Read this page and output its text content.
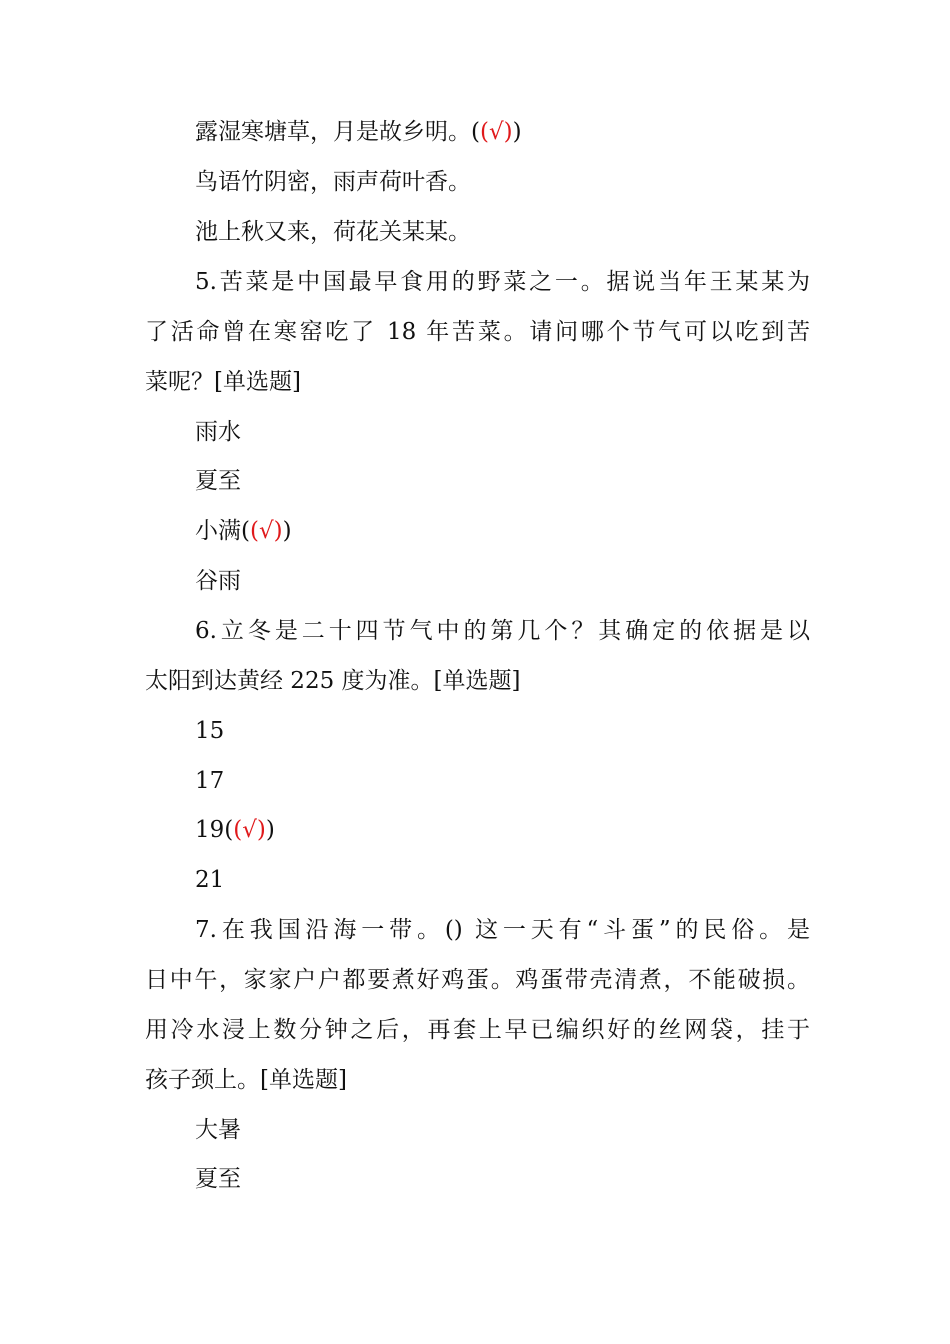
露湿寒塘草，月是故乡明。((√))
鸟语竹阴密，雨声荷叶香。
池上秋又来，荷花关某某。
5.苦菜是中国最早食用的野菜之一。据说当年王某某为
了活命曾在寒窑吃了 18 年苦菜。请问哪个节气可以吃到苦
菜呢？[单选题]
雨水
夏至
小满((√))
谷雨
6.立冬是二十四节气中的第几个？其确定的依据是以
太阳到达黄经 225 度为准。[单选题]
15
17
19((√))
21
7.在我国沿海一带。() 这一天有“斗蛋”的民俗。是
日中午，家家户户都要煮好鸡蛋。鸡蛋带壳清煮，不能破损。
用冷水浸上数分钟之后，再套上早已编织好的丝网袋，挂于
孩子颈上。[单选题]
大暑
夏至
